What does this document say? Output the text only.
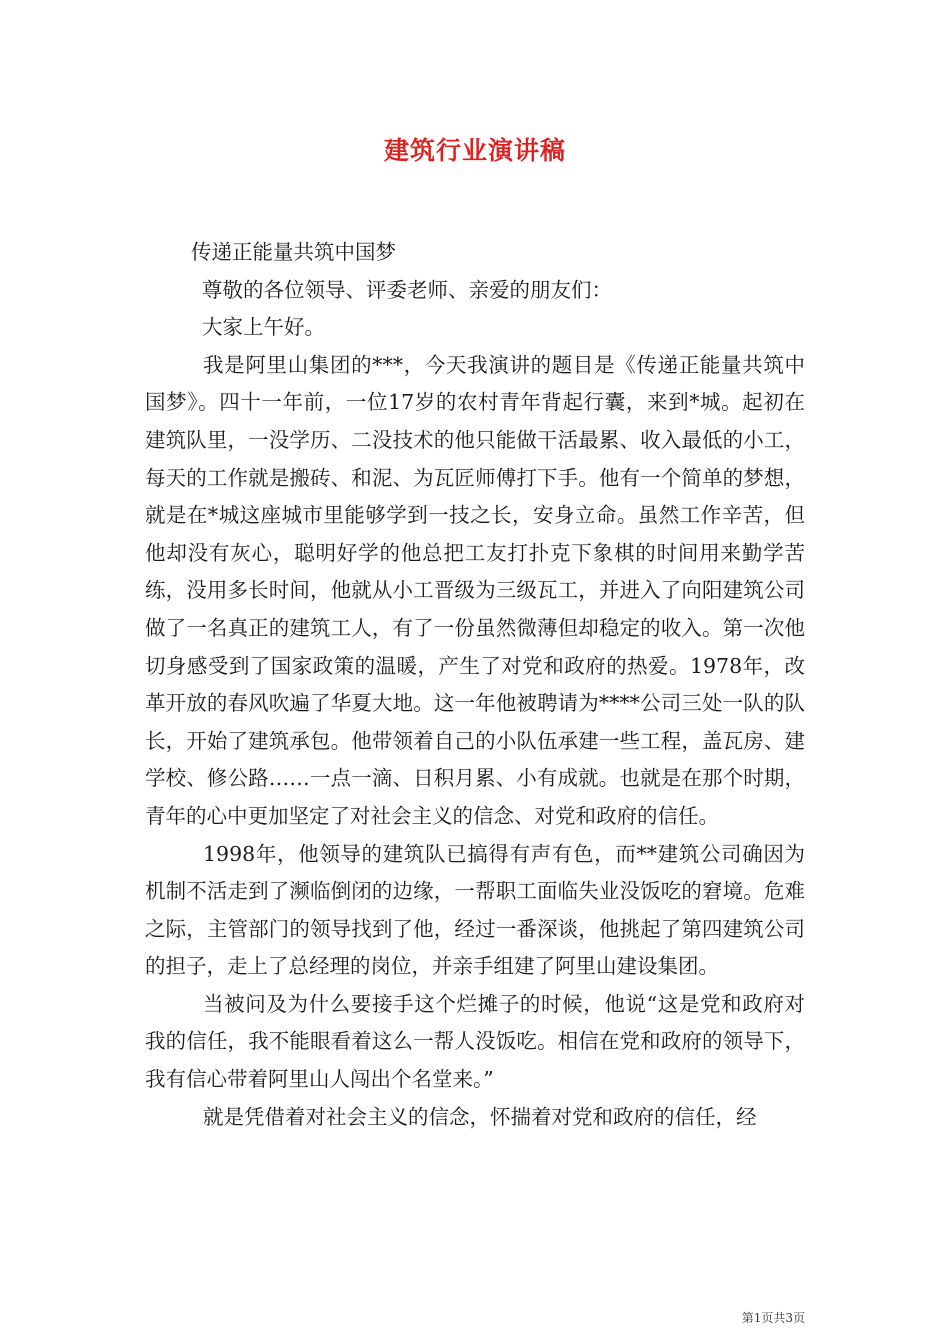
建筑行业演讲稿

传递正能量共筑中国梦

尊敬的各位领导、评委老师、亲爱的朋友们：

大家上午好。

我是阿里山集团的***，今天我演讲的题目是《传递正能量共筑中国梦》。四十一年前，一位17岁的农村青年背起行囊，来到*城。起初在建筑队里，一没学历、二没技术的他只能做干活最累、收入最低的小工，每天的工作就是搬砖、和泥、为瓦匠师傅打下手。他有一个简单的梦想，就是在*城这座城市里能够学到一技之长，安身立命。虽然工作辛苦，但他却没有灰心，聪明好学的他总把工友打扑克下象棋的时间用来勤学苦练，没用多长时间，他就从小工晋级为三级瓦工，并进入了向阳建筑公司做了一名真正的建筑工人，有了一份虽然微薄但却稳定的收入。第一次他切身感受到了国家政策的温暖，产生了对党和政府的热爱。1978年，改革开放的春风吹遍了华夏大地。这一年他被聘请为****公司三处一队的队长，开始了建筑承包。他带领着自己的小队伍承建一些工程，盖瓦房、建学校、修公路……一点一滴、日积月累、小有成就。也就是在那个时期，青年的心中更加坚定了对社会主义的信念、对党和政府的信任。

1998年，他领导的建筑队已搞得有声有色，而**建筑公司确因为机制不活走到了濒临倒闭的边缘，一帮职工面临失业没饭吃的窘境。危难之际，主管部门的领导找到了他，经过一番深谈，他挑起了第四建筑公司的担子，走上了总经理的岗位，并亲手组建了阿里山建设集团。

当被问及为什么要接手这个烂摊子的时候，他说“这是党和政府对我的信任，我不能眼看着这么一帮人没饭吃。相信在党和政府的领导下，我有信心带着阿里山人闯出个名堂来。”

就是凭借着对社会主义的信念，怀揣着对党和政府的信任，经

第1页共3页
